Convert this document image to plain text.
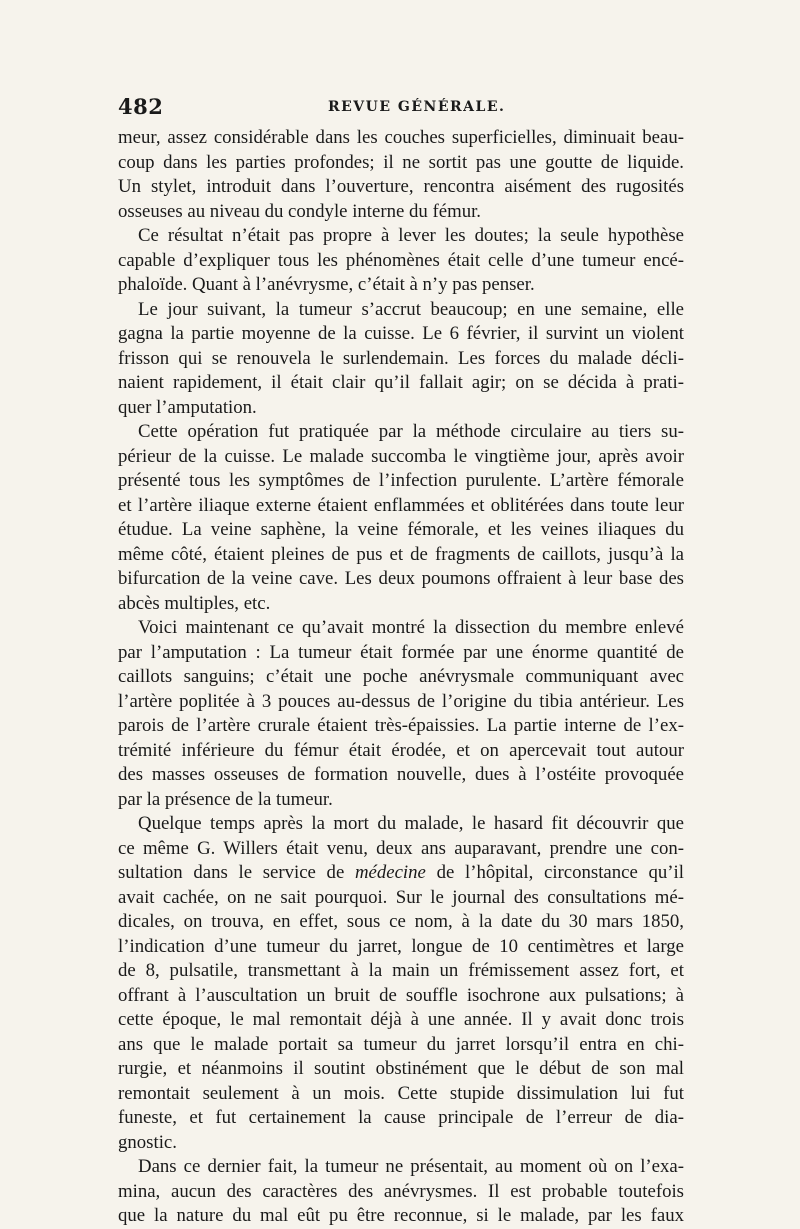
482	REVUE GÉNÉRALE.
meur, assez considérable dans les couches superficielles, diminuait beau-
coup dans les parties profondes; il ne sortit pas une goutte de liquide.
Un stylet, introduit dans l’ouverture, rencontra aisément des rugosités
osseuses au niveau du condyle interne du fémur.
Ce résultat n’était pas propre à lever les doutes; la seule hypothèse
capable d’expliquer tous les phénomènes était celle d’une tumeur encé-
phaloïde. Quant à l’anévrysme, c’était à n’y pas penser.
Le jour suivant, la tumeur s’accrut beaucoup; en une semaine, elle
gagna la partie moyenne de la cuisse. Le 6 février, il survint un violent
frisson qui se renouvela le surlendemain. Les forces du malade décli-
naient rapidement, il était clair qu’il fallait agir; on se décida à prati-
quer l’amputation.
Cette opération fut pratiquée par la méthode circulaire au tiers su-
périeur de la cuisse. Le malade succomba le vingtième jour, après avoir
présenté tous les symptômes de l’infection purulente. L’artère fémorale
et l’artère iliaque externe étaient enflammées et oblitérées dans toute leur
étudue. La veine saphène, la veine fémorale, et les veines iliaques du
même côté, étaient pleines de pus et de fragments de caillots, jusqu’à la
bifurcation de la veine cave. Les deux poumons offraient à leur base des
abcès multiples, etc.
Voici maintenant ce qu’avait montré la dissection du membre enlevé
par l’amputation : La tumeur était formée par une énorme quantité de
caillots sanguins; c’était une poche anévrysmale communiquant avec
l’artère poplitée à 3 pouces au-dessus de l’origine du tibia antérieur. Les
parois de l’artère crurale étaient très-épaissies. La partie interne de l’ex-
trémité inférieure du fémur était érodée, et on apercevait tout autour
des masses osseuses de formation nouvelle, dues à l’ostéite provoquée
par la présence de la tumeur.
Quelque temps après la mort du malade, le hasard fit découvrir que
ce même G. Willers était venu, deux ans auparavant, prendre une con-
sultation dans le service de médecine de l’hôpital, circonstance qu’il
avait cachée, on ne sait pourquoi. Sur le journal des consultations mé-
dicales, on trouva, en effet, sous ce nom, à la date du 30 mars 1850,
l’indication d’une tumeur du jarret, longue de 10 centimètres et large
de 8, pulsatile, transmettant à la main un frémissement assez fort, et
offrant à l’auscultation un bruit de souffle isochrone aux pulsations; à
cette époque, le mal remontait déjà à une année. Il y avait donc trois
ans que le malade portait sa tumeur du jarret lorsqu’il entra en chi-
rurgie, et néanmoins il soutint obstinément que le début de son mal
remontait seulement à un mois. Cette stupide dissimulation lui fut
funeste, et fut certainement la cause principale de l’erreur de dia-
gnostic.
Dans ce dernier fait, la tumeur ne présentait, au moment où on l’exa-
mina, aucun des caractères des anévrysmes. Il est probable toutefois
que la nature du mal eût pu être reconnue, si le malade, par les faux
